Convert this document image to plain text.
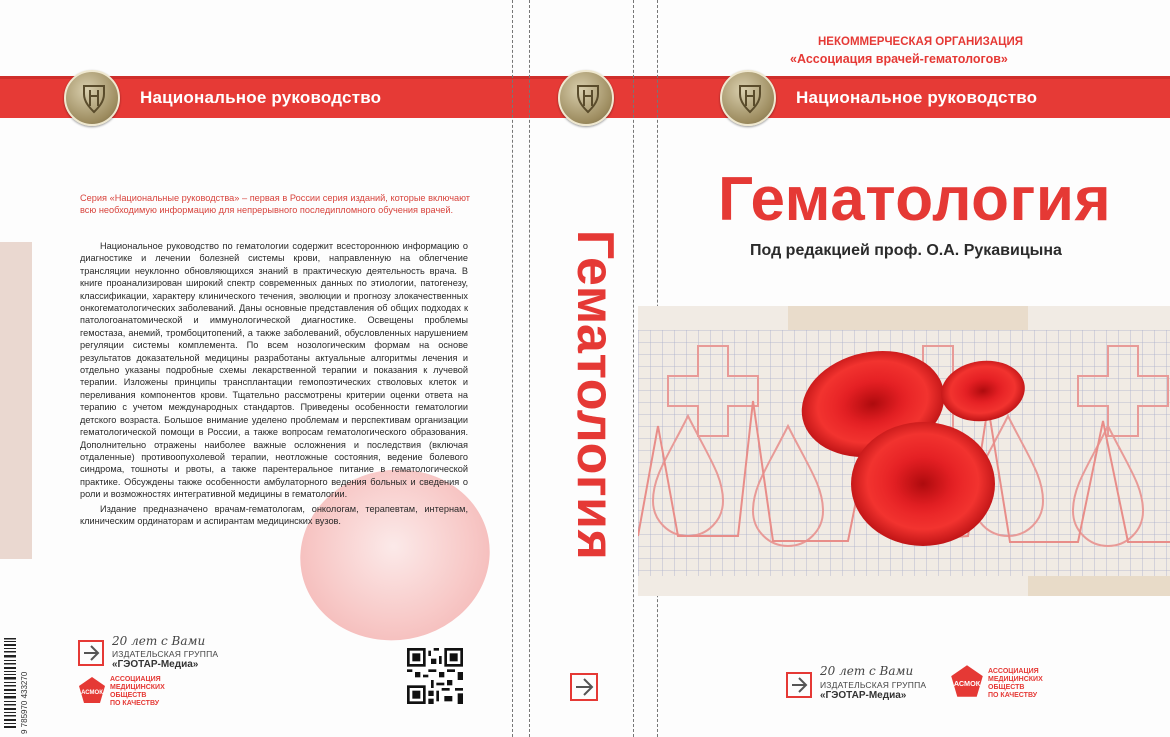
Национальное руководство	Национальное руководство
Серия «Национальные руководства» – первая в России серия изданий, которые включают всю необходимую информацию для непрерывного последипломного обучения врачей.

Национальное руководство по гематологии содержит всестороннюю информацию о диагностике и лечении болезней системы крови, направленную на облегчение трансляции неуклонно обновляющихся знаний в практическую деятельность врача. В книге проанализирован широкий спектр современных данных по этиологии, патогенезу, классификации, характеру клинического течения, эволюции и прогнозу злокачественных онкогематологических заболеваний. Даны основные представления об общих подходах к патологоанатомической и иммунологической диагностике. Освещены проблемы гемостаза, анемий, тромбоцитопений, а также заболеваний, обусловленных нарушением регуляции системы комплемента. По всем нозологическим формам на основе результатов доказательной медицины разработаны актуальные алгоритмы лечения и отдельно указаны подробные схемы лекарственной терапии и показания к лучевой терапии. Изложены принципы трансплантации гемопоэтических стволовых клеток и переливания компонентов крови. Тщательно рассмотрены критерии оценки ответа на терапию с учетом международных стандартов. Приведены особенности гематологии детского возраста. Большое внимание уделено проблемам и перспективам организации гематологической помощи в России, а также вопросам гематологического образования. Дополнительно отражены наиболее важные осложнения и последствия (включая отдаленные) противоопухолевой терапии, неотложные состояния, ведение болевого синдрома, тошноты и рвоты, а также парентеральное питание в гематологической практике. Обсуждены также особенности амбулаторного ведения больных и сведения о роли и возможностях интегративной медицины в гематологии.

Издание предназначено врачам-гематологам, онкологам, терапевтам, интернам, клиническим ординаторам и аспирантам медицинских вузов.

9 785970 433270
20 лет с Вами
ИЗДАТЕЛЬСКАЯ ГРУППА
«ГЭОТАР-Медиа»
АСМОК
АССОЦИАЦИЯ
МЕДИЦИНСКИХ
ОБЩЕСТВ
ПО КАЧЕСТВУ
Гематология
НЕКОММЕРЧЕСКАЯ ОРГАНИЗАЦИЯ
«Ассоциация врачей-гематологов»
Гематология
Под редакцией проф. О.А. Рукавицына
20 лет с Вами
ИЗДАТЕЛЬСКАЯ ГРУППА
«ГЭОТАР-Медиа»
АСМОК
АССОЦИАЦИЯ
МЕДИЦИНСКИХ
ОБЩЕСТВ
ПО КАЧЕСТВУ
